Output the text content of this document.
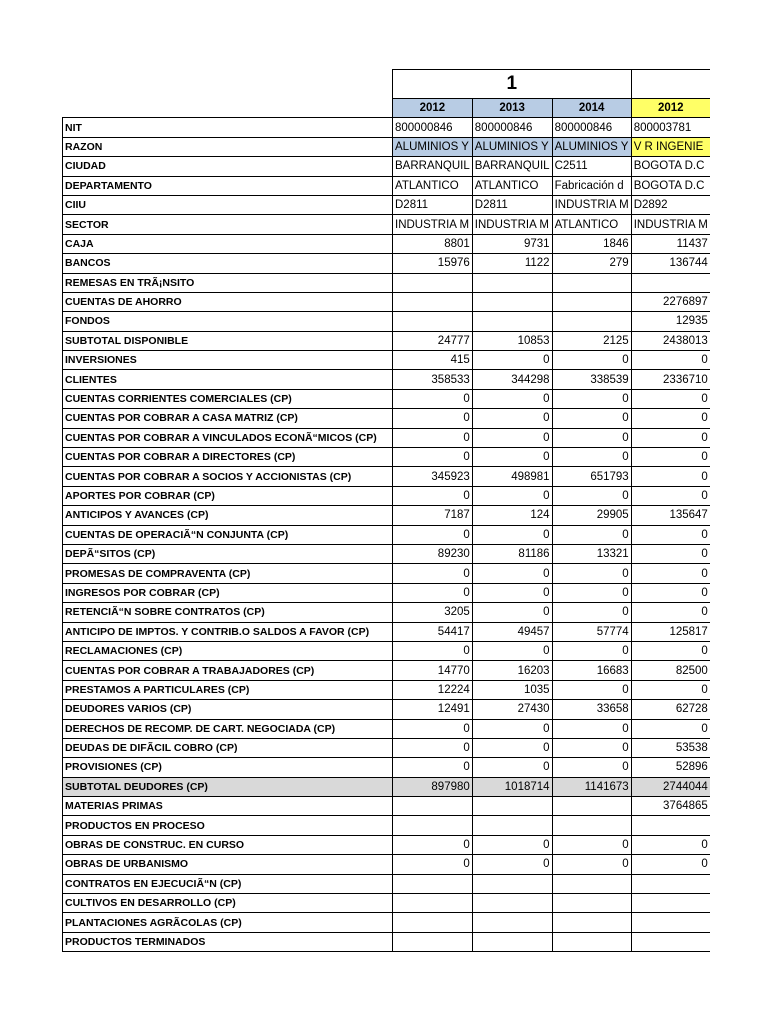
	1			
	2012	2013	2014	2012
NIT	800000846	800000846	800000846	800003781
RAZON	ALUMINIOS Y	ALUMINIOS Y	ALUMINIOS Y	V R INGENIE
CIUDAD	BARRANQUIL	BARRANQUIL	C2511	BOGOTA D.C
DEPARTAMENTO	ATLANTICO	ATLANTICO	Fabricación d	BOGOTA D.C
CIIU	D2811	D2811	INDUSTRIA M	D2892
SECTOR	INDUSTRIA M	INDUSTRIA M	ATLANTICO	INDUSTRIA M
CAJA	8801	9731	1846	11437
BANCOS	15976	1122	279	136744
REMESAS EN TRÃ¡NSITO				
CUENTAS DE AHORRO				2276897
FONDOS				12935
SUBTOTAL DISPONIBLE	24777	10853	2125	2438013
INVERSIONES	415	0	0	0
CLIENTES	358533	344298	338539	2336710
CUENTAS CORRIENTES COMERCIALES (CP)	0	0	0	0
CUENTAS POR COBRAR A CASA MATRIZ (CP)	0	0	0	0
CUENTAS POR COBRAR A VINCULADOS ECONÃ“MICOS (CP)	0	0	0	0
CUENTAS POR COBRAR A DIRECTORES (CP)	0	0	0	0
CUENTAS POR COBRAR A SOCIOS Y ACCIONISTAS (CP)	345923	498981	651793	0
APORTES POR COBRAR (CP)	0	0	0	0
ANTICIPOS Y AVANCES (CP)	7187	124	29905	135647
CUENTAS DE OPERACIÃ“N CONJUNTA (CP)	0	0	0	0
DEPÃ“SITOS (CP)	89230	81186	13321	0
PROMESAS DE COMPRAVENTA (CP)	0	0	0	0
INGRESOS POR COBRAR (CP)	0	0	0	0
RETENCIÃ“N SOBRE CONTRATOS (CP)	3205	0	0	0
ANTICIPO DE IMPTOS. Y CONTRIB.O SALDOS A FAVOR (CP)	54417	49457	57774	125817
RECLAMACIONES (CP)	0	0	0	0
CUENTAS POR COBRAR A TRABAJADORES (CP)	14770	16203	16683	82500
PRESTAMOS A PARTICULARES (CP)	12224	1035	0	0
DEUDORES VARIOS (CP)	12491	27430	33658	62728
DERECHOS DE RECOMP. DE CART. NEGOCIADA (CP)	0	0	0	0
DEUDAS DE DIFÃCIL COBRO (CP)	0	0	0	53538
PROVISIONES (CP)	0	0	0	52896
SUBTOTAL DEUDORES (CP)	897980	1018714	1141673	2744044
MATERIAS PRIMAS				3764865
PRODUCTOS EN PROCESO				
OBRAS DE CONSTRUC. EN CURSO	0	0	0	0
OBRAS DE URBANISMO	0	0	0	0
CONTRATOS EN EJECUCIÃ“N (CP)				
CULTIVOS EN DESARROLLO (CP)				
PLANTACIONES AGRÃCOLAS (CP)				
PRODUCTOS TERMINADOS				
